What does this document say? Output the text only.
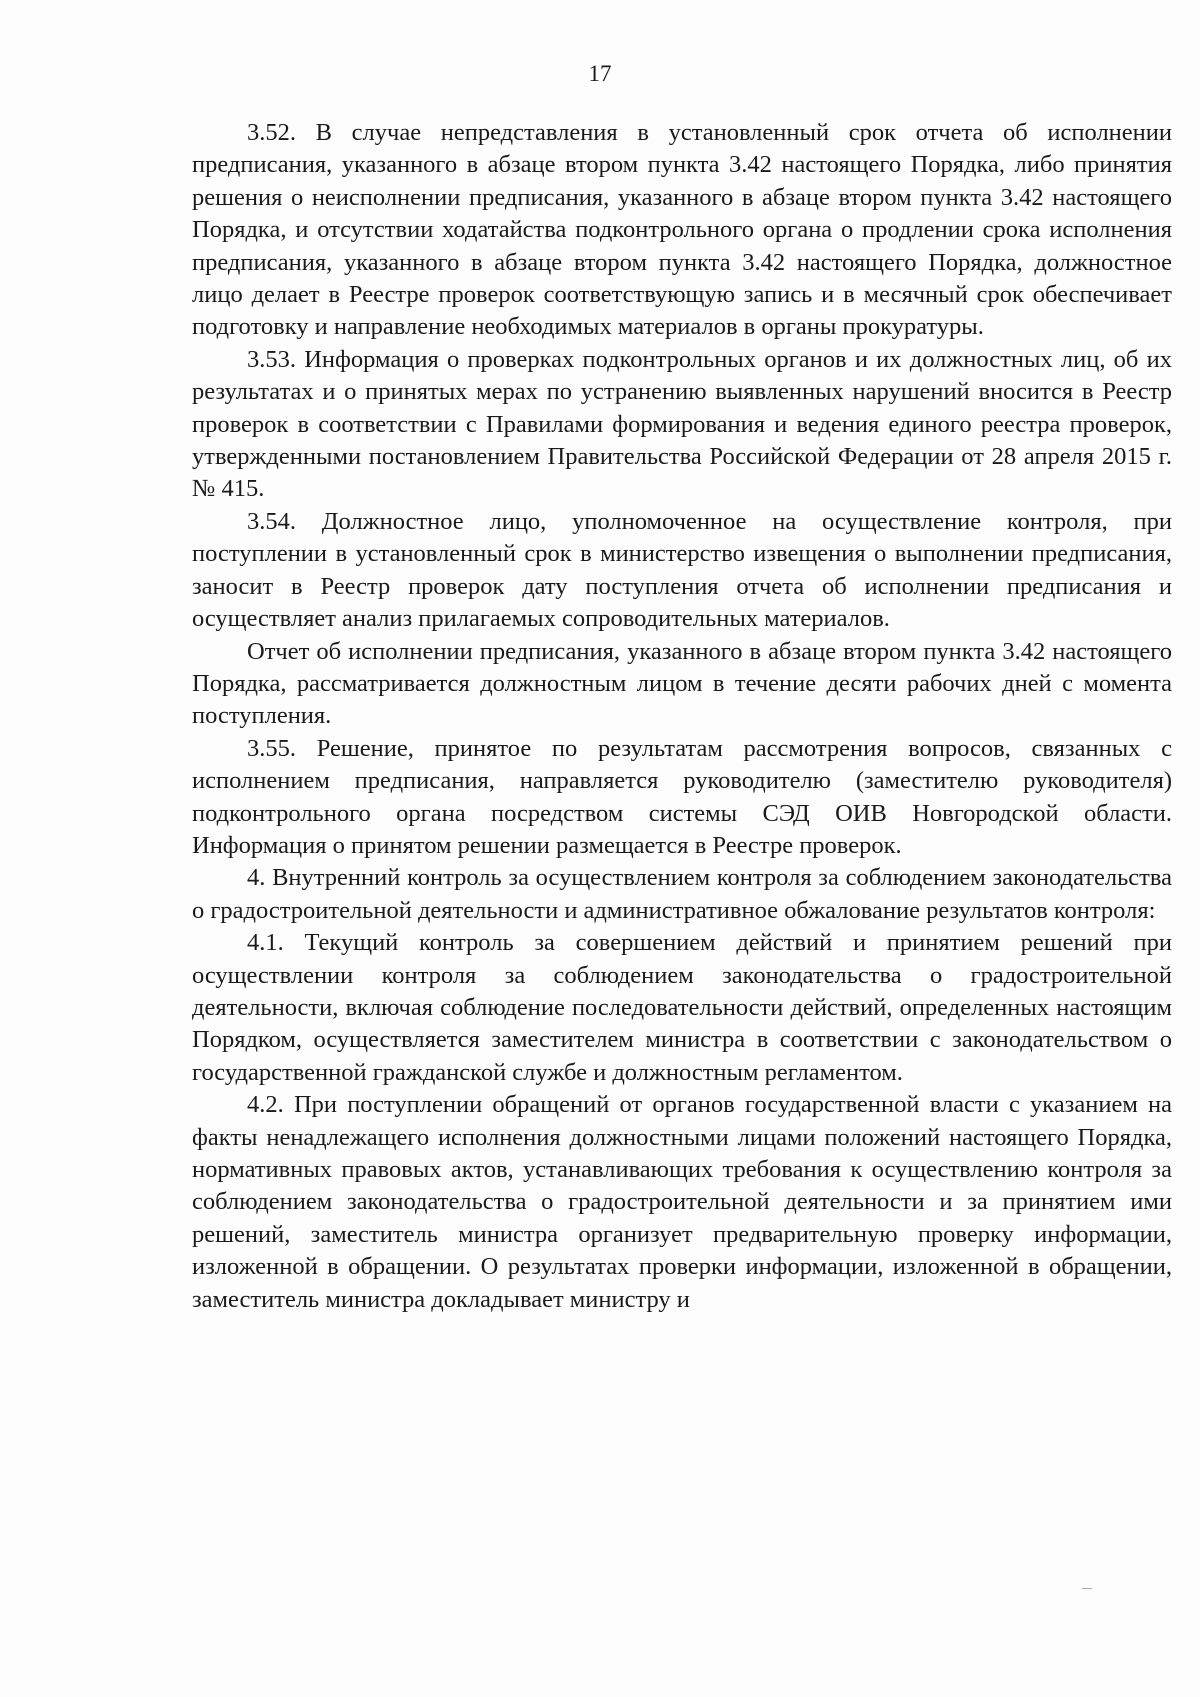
17

3.52. В случае непредставления в установленный срок отчета об исполнении предписания, указанного в абзаце втором пункта 3.42 настоящего Порядка, либо принятия решения о неисполнении предписания, указанного в абзаце втором пункта 3.42 настоящего Порядка, и отсутствии ходатайства подконтрольного органа о продлении срока исполнения предписания, указанного в абзаце втором пункта 3.42 настоящего Порядка, должностное лицо делает в Реестре проверок соответствующую запись и в месячный срок обеспечивает подготовку и направление необходимых материалов в органы прокуратуры.

3.53. Информация о проверках подконтрольных органов и их должностных лиц, об их результатах и о принятых мерах по устранению выявленных нарушений вносится в Реестр проверок в соответствии с Правилами формирования и ведения единого реестра проверок, утвержденными постановлением Правительства Российской Федерации от 28 апреля 2015 г. № 415.

3.54. Должностное лицо, уполномоченное на осуществление контроля, при поступлении в установленный срок в министерство извещения о выполнении предписания, заносит в Реестр проверок дату поступления отчета об исполнении предписания и осуществляет анализ прилагаемых сопроводительных материалов.

Отчет об исполнении предписания, указанного в абзаце втором пункта 3.42 настоящего Порядка, рассматривается должностным лицом в течение десяти рабочих дней с момента поступления.

3.55. Решение, принятое по результатам рассмотрения вопросов, связанных с исполнением предписания, направляется руководителю (заместителю руководителя) подконтрольного органа посредством системы СЭД ОИВ Новгородской области. Информация о принятом решении размещается в Реестре проверок.

4. Внутренний контроль за осуществлением контроля за соблюдением законодательства о градостроительной деятельности и административное обжалование результатов контроля:

4.1. Текущий контроль за совершением действий и принятием решений при осуществлении контроля за соблюдением законодательства о градостроительной деятельности, включая соблюдение последовательности действий, определенных настоящим Порядком, осуществляется заместителем министра в соответствии с законодательством о государственной гражданской службе и должностным регламентом.

4.2. При поступлении обращений от органов государственной власти с указанием на факты ненадлежащего исполнения должностными лицами положений настоящего Порядка, нормативных правовых актов, устанавливающих требования к осуществлению контроля за соблюдением законодательства о градостроительной деятельности и за принятием ими решений, заместитель министра организует предварительную проверку информации, изложенной в обращении. О результатах проверки информации, изложенной в обращении, заместитель министра докладывает министру и
